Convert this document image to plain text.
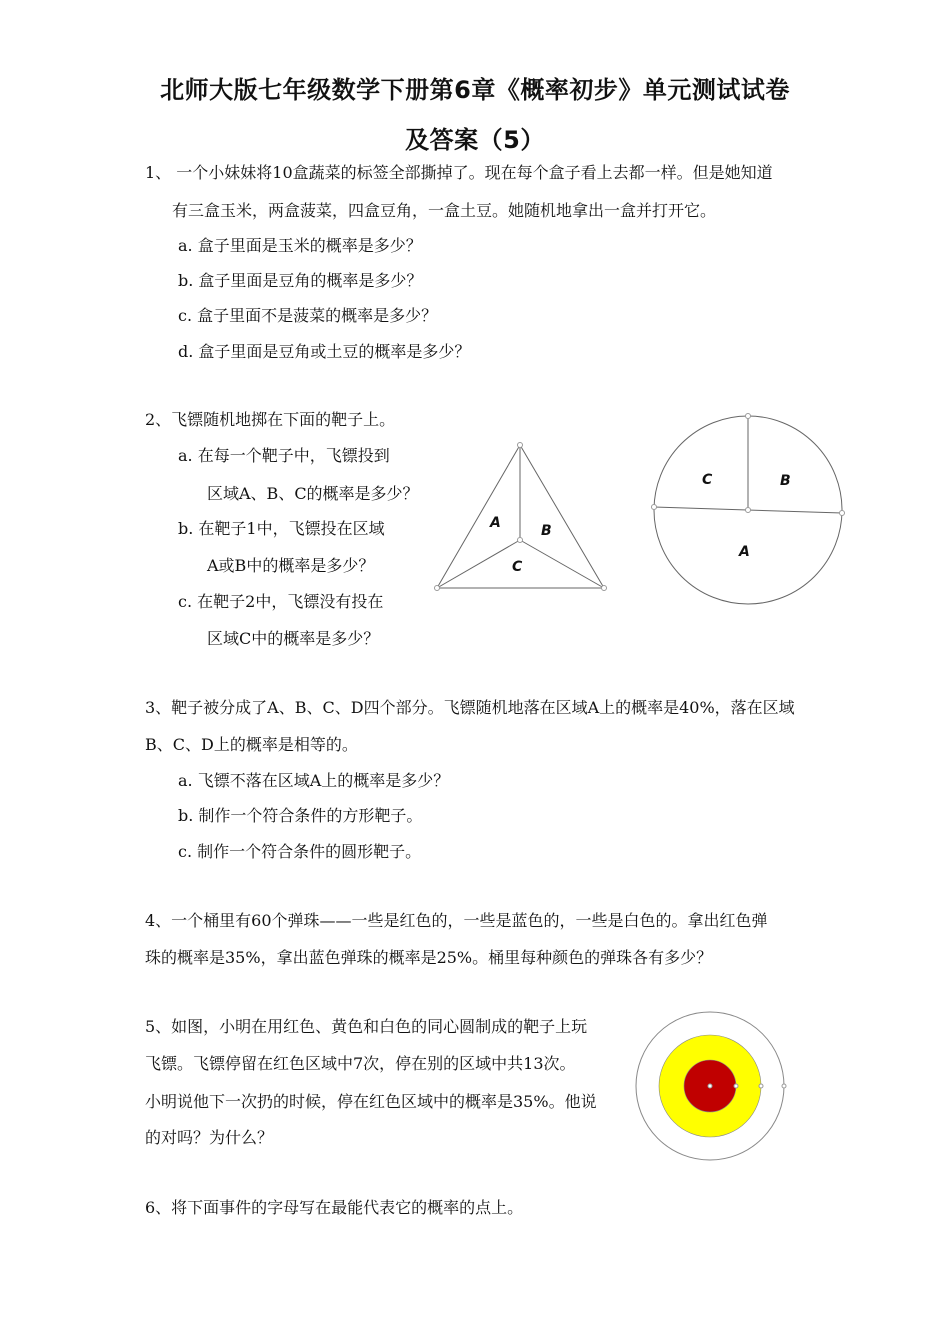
北师大版七年级数学下册第6章《概率初步》单元测试试卷
及答案（5）
1、 一个小妹妹将10盒蔬菜的标签全部撕掉了。现在每个盒子看上去都一样。但是她知道
有三盒玉米，两盒菠菜，四盒豆角，一盒土豆。她随机地拿出一盒并打开它。
a. 盒子里面是玉米的概率是多少？
b. 盒子里面是豆角的概率是多少？
c. 盒子里面不是菠菜的概率是多少？
d. 盒子里面是豆角或土豆的概率是多少？
2、飞镖随机地掷在下面的靶子上。
a. 在每一个靶子中，飞镖投到
区域A、B、C的概率是多少？
b. 在靶子1中，飞镖投在区域
A或B中的概率是多少？
c. 在靶子2中，飞镖没有投在
区域C中的概率是多少？
A	B
C
C	B
A
3、靶子被分成了A、B、C、D四个部分。飞镖随机地落在区域A上的概率是40%，落在区域
B、C、D上的概率是相等的。
a. 飞镖不落在区域A上的概率是多少？
b. 制作一个符合条件的方形靶子。
c. 制作一个符合条件的圆形靶子。
4、一个桶里有60个弹珠——一些是红色的，一些是蓝色的，一些是白色的。拿出红色弹
珠的概率是35%，拿出蓝色弹珠的概率是25%。桶里每种颜色的弹珠各有多少？
5、如图，小明在用红色、黄色和白色的同心圆制成的靶子上玩
飞镖。飞镖停留在红色区域中7次，停在别的区域中共13次。
小明说他下一次扔的时候，停在红色区域中的概率是35%。他说
的对吗？为什么？
6、将下面事件的字母写在最能代表它的概率的点上。
